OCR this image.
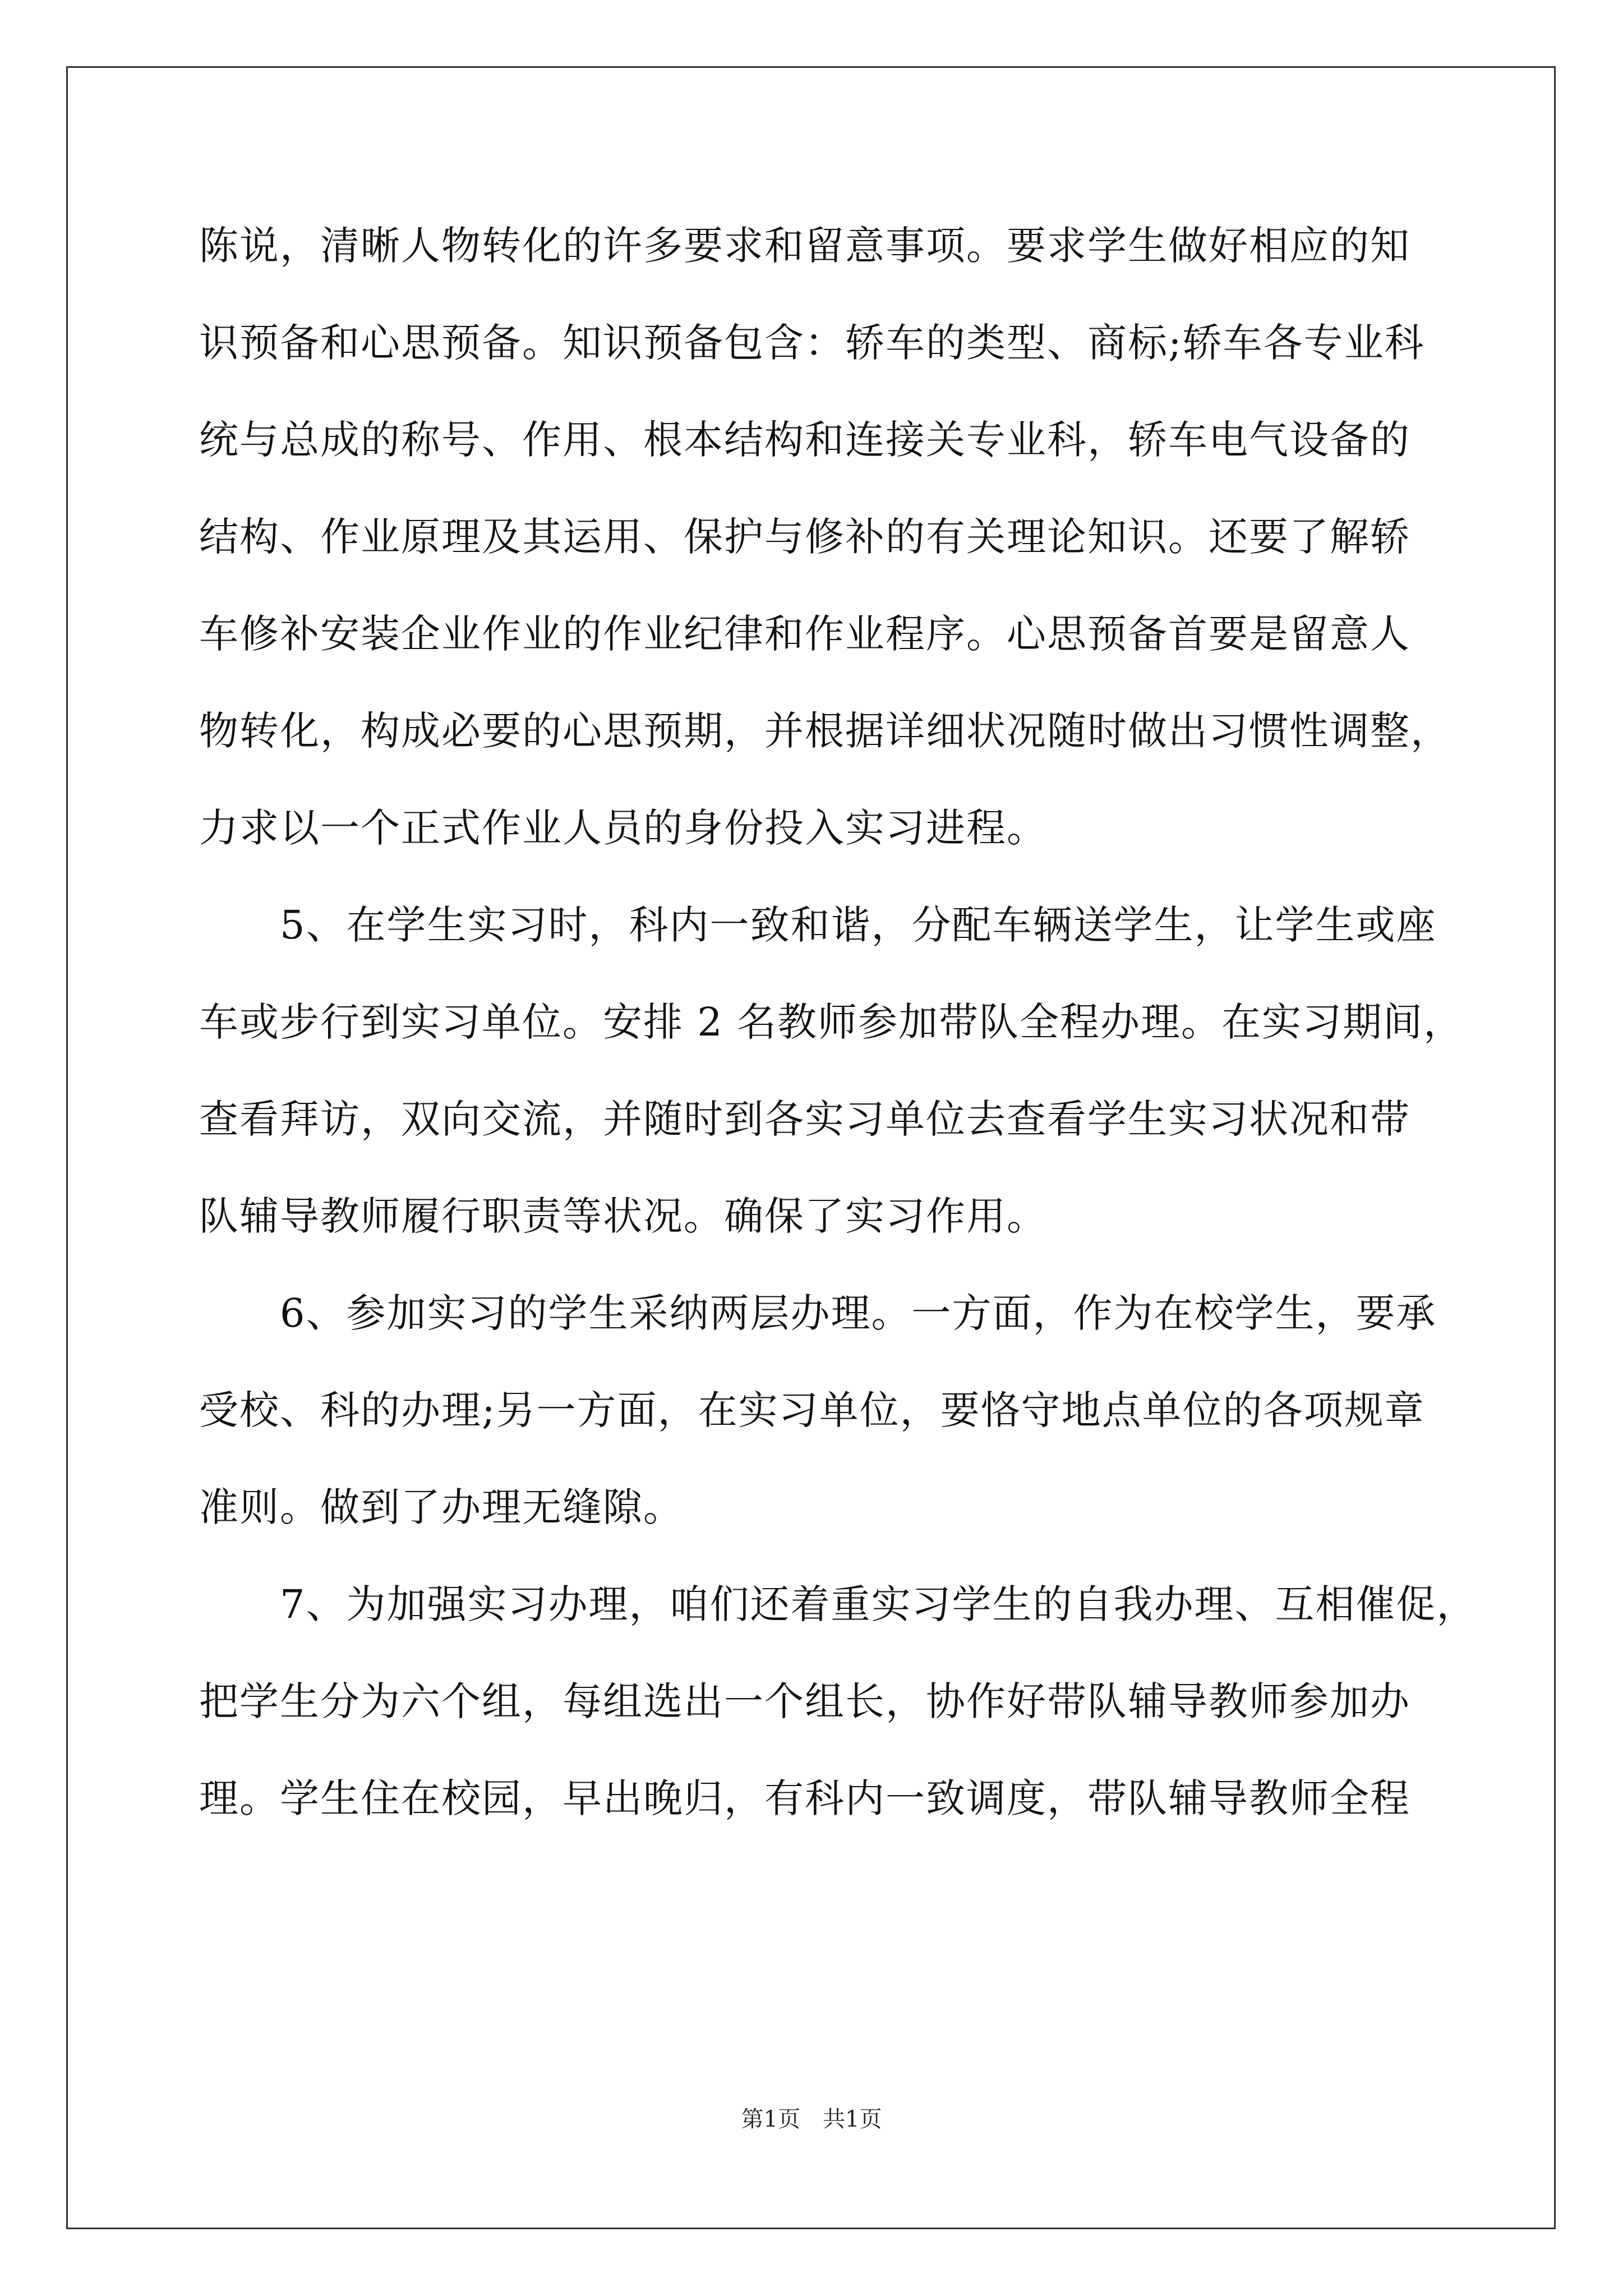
陈说，清晰人物转化的许多要求和留意事项。要求学生做好相应的知
识预备和心思预备。知识预备包含：轿车的类型、商标;轿车各专业科
统与总成的称号、作用、根本结构和连接关专业科，轿车电气设备的
结构、作业原理及其运用、保护与修补的有关理论知识。还要了解轿
车修补安装企业作业的作业纪律和作业程序。心思预备首要是留意人
物转化，构成必要的心思预期，并根据详细状况随时做出习惯性调整，
力求以一个正式作业人员的身份投入实习进程。
　　5、在学生实习时，科内一致和谐，分配车辆送学生，让学生或座
车或步行到实习单位。安排 2 名教师参加带队全程办理。在实习期间，
查看拜访，双向交流，并随时到各实习单位去查看学生实习状况和带
队辅导教师履行职责等状况。确保了实习作用。
　　6、参加实习的学生采纳两层办理。一方面，作为在校学生，要承
受校、科的办理;另一方面，在实习单位，要恪守地点单位的各项规章
准则。做到了办理无缝隙。
　　7、为加强实习办理，咱们还着重实习学生的自我办理、互相催促，
把学生分为六个组，每组选出一个组长，协作好带队辅导教师参加办
理。学生住在校园，早出晚归，有科内一致调度，带队辅导教师全程
第1页　共1页
